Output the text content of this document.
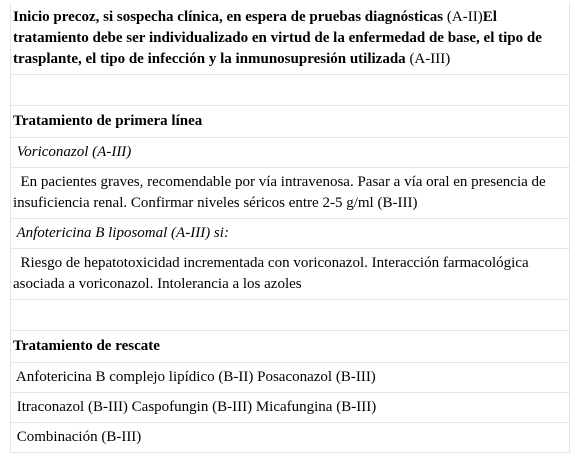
Inicio precoz, si sospecha clínica, en espera de pruebas diagnósticas (A-II)El tratamiento debe ser individualizado en virtud de la enfermedad de base, el tipo de trasplante, el tipo de infección y la inmunosupresión utilizada (A-III)

Tratamiento de primera línea
Voriconazol (A-III)
En pacientes graves, recomendable por vía intravenosa. Pasar a vía oral en presencia de insuficiencia renal. Confirmar niveles séricos entre 2-5 g/ml (B-III)
Anfotericina B liposomal (A-III) si:
Riesgo de hepatotoxicidad incrementada con voriconazol. Interacción farmacológica asociada a voriconazol. Intolerancia a los azoles

Tratamiento de rescate
Anfotericina B complejo lipídico (B-II) Posaconazol (B-III)
Itraconazol (B-III) Caspofungin (B-III) Micafungina (B-III)
Combinación (B-III)
